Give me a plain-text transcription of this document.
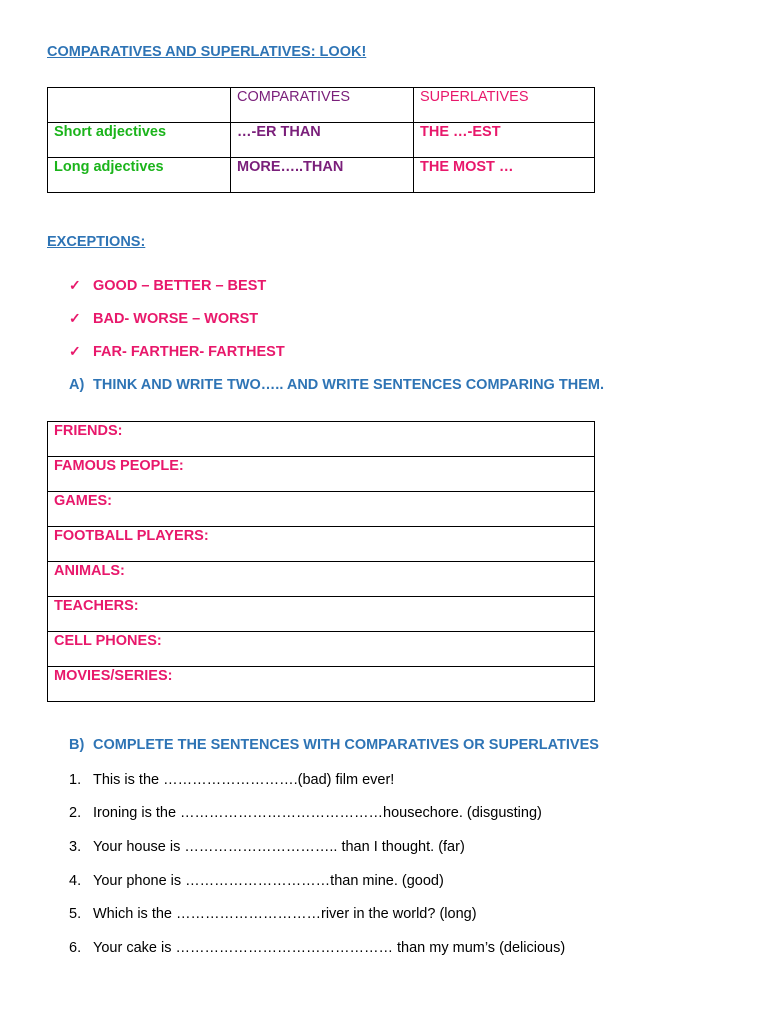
COMPARATIVES AND SUPERLATIVES: LOOK!
	COMPARATIVES	SUPERLATIVES
Short adjectives	…-ER THAN	THE …-EST
Long adjectives	MORE…..THAN	THE MOST …
EXCEPTIONS:
✓ GOOD – BETTER – BEST
✓ BAD- WORSE – WORST
✓ FAR- FARTHER- FARTHEST
A) THINK AND WRITE TWO….. AND WRITE SENTENCES COMPARING THEM.
FRIENDS:
FAMOUS PEOPLE:
GAMES:
FOOTBALL PLAYERS:
ANIMALS:
TEACHERS:
CELL PHONES:
MOVIES/SERIES:
B) COMPLETE THE SENTENCES WITH COMPARATIVES OR SUPERLATIVES
1. This is the ……………………….(bad) film ever!
2. Ironing is the ……………………………………housechore. (disgusting)
3. Your house is ………………………….. than I thought. (far)
4. Your phone is …………………………than mine. (good)
5. Which is the …………………………river in the world? (long)
6. Your cake is ……………………………………… than my mum’s (delicious)
